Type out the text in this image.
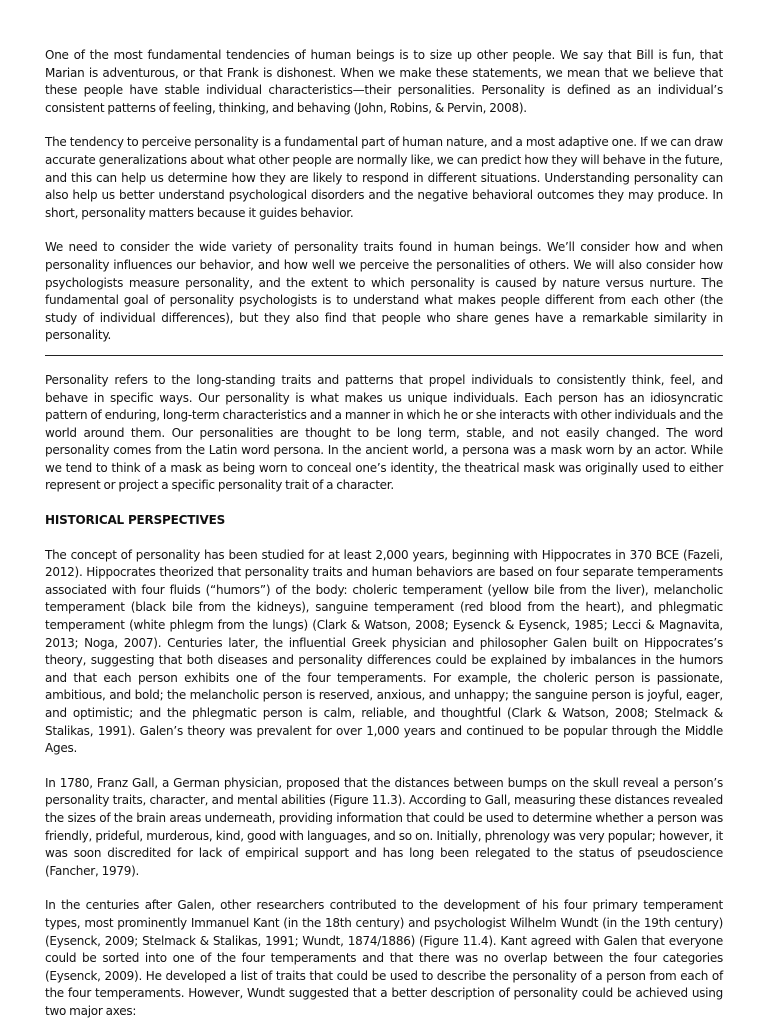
One of the most fundamental tendencies of human beings is to size up other people. We say that Bill is fun, that Marian is adventurous, or that Frank is dishonest. When we make these statements, we mean that we believe that these people have stable individual characteristics—their personalities. Personality is defined as an individual’s consistent patterns of feeling, thinking, and behaving (John, Robins, & Pervin, 2008).

The tendency to perceive personality is a fundamental part of human nature, and a most adaptive one. If we can draw accurate generalizations about what other people are normally like, we can predict how they will behave in the future, and this can help us determine how they are likely to respond in different situations. Understanding personality can also help us better understand psychological disorders and the negative behavioral outcomes they may produce. In short, personality matters because it guides behavior.

We need to consider the wide variety of personality traits found in human beings. We’ll consider how and when personality influences our behavior, and how well we perceive the personalities of others. We will also consider how psychologists measure personality, and the extent to which personality is caused by nature versus nurture. The fundamental goal of personality psychologists is to understand what makes people different from each other (the study of individual differences), but they also find that people who share genes have a remarkable similarity in personality.

Personality refers to the long-standing traits and patterns that propel individuals to consistently think, feel, and behave in specific ways. Our personality is what makes us unique individuals. Each person has an idiosyncratic pattern of enduring, long-term characteristics and a manner in which he or she interacts with other individuals and the world around them. Our personalities are thought to be long term, stable, and not easily changed. The word personality comes from the Latin word persona. In the ancient world, a persona was a mask worn by an actor. While we tend to think of a mask as being worn to conceal one’s identity, the theatrical mask was originally used to either represent or project a specific personality trait of a character.

HISTORICAL PERSPECTIVES

The concept of personality has been studied for at least 2,000 years, beginning with Hippocrates in 370 BCE (Fazeli, 2012). Hippocrates theorized that personality traits and human behaviors are based on four separate temperaments associated with four fluids (“humors”) of the body: choleric temperament (yellow bile from the liver), melancholic temperament (black bile from the kidneys), sanguine temperament (red blood from the heart), and phlegmatic temperament (white phlegm from the lungs) (Clark & Watson, 2008; Eysenck & Eysenck, 1985; Lecci & Magnavita, 2013; Noga, 2007). Centuries later, the influential Greek physician and philosopher Galen built on Hippocrates’s theory, suggesting that both diseases and personality differences could be explained by imbalances in the humors and that each person exhibits one of the four temperaments. For example, the choleric person is passionate, ambitious, and bold; the melancholic person is reserved, anxious, and unhappy; the sanguine person is joyful, eager, and optimistic; and the phlegmatic person is calm, reliable, and thoughtful (Clark & Watson, 2008; Stelmack & Stalikas, 1991). Galen’s theory was prevalent for over 1,000 years and continued to be popular through the Middle Ages.

In 1780, Franz Gall, a German physician, proposed that the distances between bumps on the skull reveal a person’s personality traits, character, and mental abilities (Figure 11.3). According to Gall, measuring these distances revealed the sizes of the brain areas underneath, providing information that could be used to determine whether a person was friendly, prideful, murderous, kind, good with languages, and so on. Initially, phrenology was very popular; however, it was soon discredited for lack of empirical support and has long been relegated to the status of pseudoscience (Fancher, 1979).

In the centuries after Galen, other researchers contributed to the development of his four primary temperament types, most prominently Immanuel Kant (in the 18th century) and psychologist Wilhelm Wundt (in the 19th century) (Eysenck, 2009; Stelmack & Stalikas, 1991; Wundt, 1874/1886) (Figure 11.4). Kant agreed with Galen that everyone could be sorted into one of the four temperaments and that there was no overlap between the four categories (Eysenck, 2009). He developed a list of traits that could be used to describe the personality of a person from each of the four temperaments. However, Wundt suggested that a better description of personality could be achieved using two major axes:
